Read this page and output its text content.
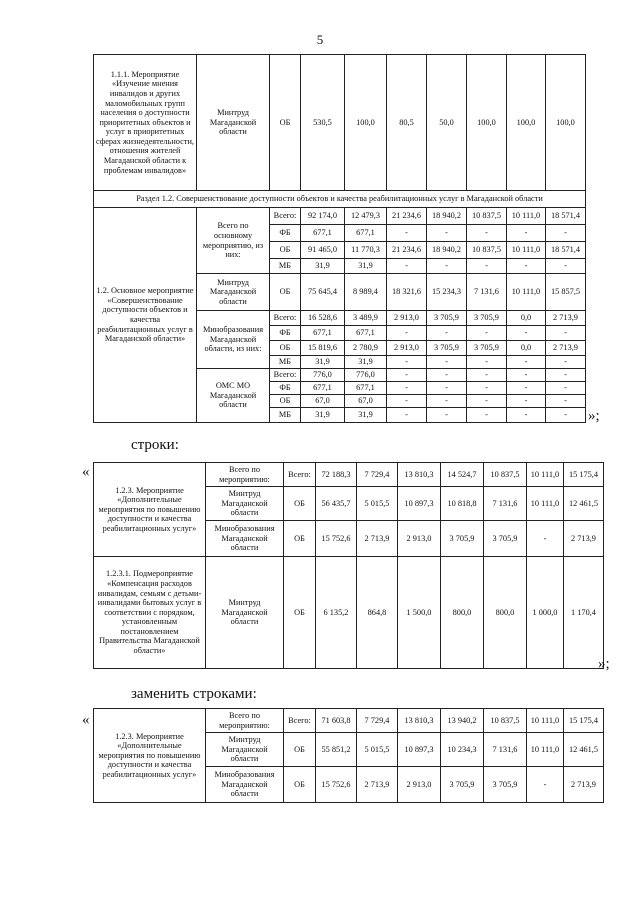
5
1.1.1. Мероприятие «Изучение мнения инвалидов и других маломобильных групп населения о доступности приоритетных объектов и услуг в приоритетных сферах жизнедеятельности, отношения жителей Магаданской области к проблемам инвалидов»	Минтруд Магаданской области	ОБ	530,5	100,0	80,5	50,0	100,0	100,0	100,0
Раздел 1.2. Совершенствование доступности объектов и качества реабилитационных услуг в Магаданской области									
1.2. Основное мероприятие «Совершенствование доступности объектов и качества реабилитационных услуг в Магаданской области»	Всего по основному мероприятию, из них:	Всего:	92 174,0	12 479,3	21 234,6	18 940,2	10 837,5	10 111,0	18 571,4
		ФБ	677,1	677,1	-	-	-	-	-
		ОБ	91 465,0	11 770,3	21 234,6	18 940,2	10 837,5	10 111,0	18 571,4
		МБ	31,9	31,9	-	-	-	-	-
	Минтруд Магаданской области	ОБ	75 645,4	8 989,4	18 321,6	15 234,3	7 131,6	10 111,0	15 857,5
	Минобразования Магаданской области, из них:	Всего:	16 528,6	3 489,9	2 913,0	3 705,9	3 705,9	0,0	2 713,9
		ФБ	677,1	677,1	-	-	-	-	-
		ОБ	15 819,6	2 780,9	2 913,0	3 705,9	3 705,9	0,0	2 713,9
		МБ	31,9	31,9	-	-	-	-	-
	ОМС МО Магаданской области	Всего:	776,0	776,0	-	-	-	-	-
		ФБ	677,1	677,1	-	-	-	-	-
		ОБ	67,0	67,0	-	-	-	-	-
		МБ	31,9	31,9	-	-	-	-	- »;
строки:
«
1.2.3. Мероприятие «Дополнительные мероприятия по повышению доступности и качества реабилитационных услуг»	Всего по мероприятию:	Всего:	72 188,3	7 729,4	13 810,3	14 524,7	10 837,5	10 111,0	15 175,4
	Минтруд Магаданской области	ОБ	56 435,7	5 015,5	10 897,3	10 818,8	7 131,6	10 111,0	12 461,5
	Минобразования Магаданской области	ОБ	15 752,6	2 713,9	2 913,0	3 705,9	3 705,9	-	2 713,9
1.2.3.1. Подмероприятие «Компенсация расходов инвалидам, семьям с детьми-инвалидами бытовых услуг в соответствии с порядком, установленным постановлением Правительства Магаданской области»	Минтруд Магаданской области	ОБ	6 135,2	864,8	1 500,0	800,0	800,0	1 000,0	1 170,4
»;
заменить строками:
«
1.2.3. Мероприятие «Дополнительные мероприятия по повышению доступности и качества реабилитационных услуг»	Всего по мероприятию:	Всего:	71 603,8	7 729,4	13 810,3	13 940,2	10 837,5	10 111,0	15 175,4
	Минтруд Магаданской области	ОБ	55 851,2	5 015,5	10 897,3	10 234,3	7 131,6	10 111,0	12 461,5
	Минобразования Магаданской области	ОБ	15 752,6	2 713,9	2 913,0	3 705,9	3 705,9	-	2 713,9
